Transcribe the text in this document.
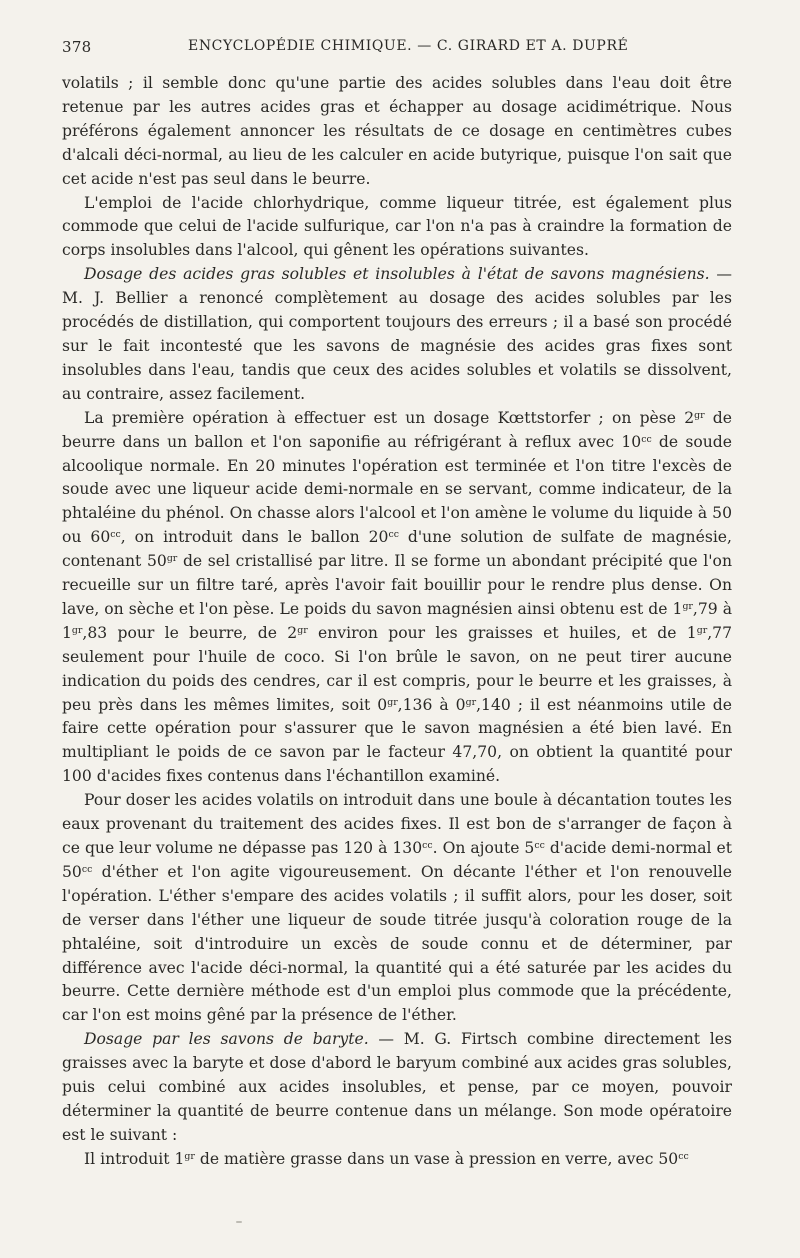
378	ENCYCLOPÉDIE CHIMIQUE. — C. GIRARD ET A. DUPRÉ

volatils ; il semble donc qu'une partie des acides solubles dans l'eau doit être retenue par les autres acides gras et échapper au dosage acidimétrique. Nous préférons également annoncer les résultats de ce dosage en centimètres cubes d'alcali déci-normal, au lieu de les calculer en acide butyrique, puisque l'on sait que cet acide n'est pas seul dans le beurre.

L'emploi de l'acide chlorhydrique, comme liqueur titrée, est également plus commode que celui de l'acide sulfurique, car l'on n'a pas à craindre la formation de corps insolubles dans l'alcool, qui gênent les opérations suivantes.

Dosage des acides gras solubles et insolubles à l'état de savons magnésiens. — M. J. Bellier a renoncé complètement au dosage des acides solubles par les procédés de distillation, qui comportent toujours des erreurs ; il a basé son procédé sur le fait incontesté que les savons de magnésie des acides gras fixes sont insolubles dans l'eau, tandis que ceux des acides solubles et volatils se dissolvent, au contraire, assez facilement.

La première opération à effectuer est un dosage Kœttstorfer ; on pèse $2^{gr}$ de beurre dans un ballon et l'on saponifie au réfrigérant à reflux avec $10^{cc}$ de soude alcoolique normale. En 20 minutes l'opération est terminée et l'on titre l'excès de soude avec une liqueur acide demi-normale en se servant, comme indicateur, de la phtaléine du phénol. On chasse alors l'alcool et l'on amène le volume du liquide à 50 ou $60^{cc}$, on introduit dans le ballon $20^{cc}$ d'une solution de sulfate de magnésie, contenant $50^{gr}$ de sel cristallisé par litre. Il se forme un abondant précipité que l'on recueille sur un filtre taré, après l'avoir fait bouillir pour le rendre plus dense. On lave, on sèche et l'on pèse. Le poids du savon magnésien ainsi obtenu est de $1^{gr},79$ à $1^{gr},83$ pour le beurre, de $2^{gr}$ environ pour les graisses et huiles, et de $1^{gr},77$ seulement pour l'huile de coco. Si l'on brûle le savon, on ne peut tirer aucune indication du poids des cendres, car il est compris, pour le beurre et les graisses, à peu près dans les mêmes limites, soit $0^{gr},136$ à $0^{gr},140$ ; il est néanmoins utile de faire cette opération pour s'assurer que le savon magnésien a été bien lavé. En multipliant le poids de ce savon par le facteur 47,70, on obtient la quantité pour 100 d'acides fixes contenus dans l'échantillon examiné.

Pour doser les acides volatils on introduit dans une boule à décantation toutes les eaux provenant du traitement des acides fixes. Il est bon de s'arranger de façon à ce que leur volume ne dépasse pas 120 à $130^{cc}$. On ajoute $5^{cc}$ d'acide demi-normal et $50^{cc}$ d'éther et l'on agite vigoureusement. On décante l'éther et l'on renouvelle l'opération. L'éther s'empare des acides volatils ; il suffit alors, pour les doser, soit de verser dans l'éther une liqueur de soude titrée jusqu'à coloration rouge de la phtaléine, soit d'introduire un excès de soude connu et de déterminer, par différence avec l'acide déci-normal, la quantité qui a été saturée par les acides du beurre. Cette dernière méthode est d'un emploi plus commode que la précédente, car l'on est moins gêné par la présence de l'éther.

Dosage par les savons de baryte. — M. G. Firtsch combine directement les graisses avec la baryte et dose d'abord le baryum combiné aux acides gras solubles, puis celui combiné aux acides insolubles, et pense, par ce moyen, pouvoir déterminer la quantité de beurre contenue dans un mélange. Son mode opératoire est le suivant :

Il introduit $1^{gr}$ de matière grasse dans un vase à pression en verre, avec $50^{cc}$
